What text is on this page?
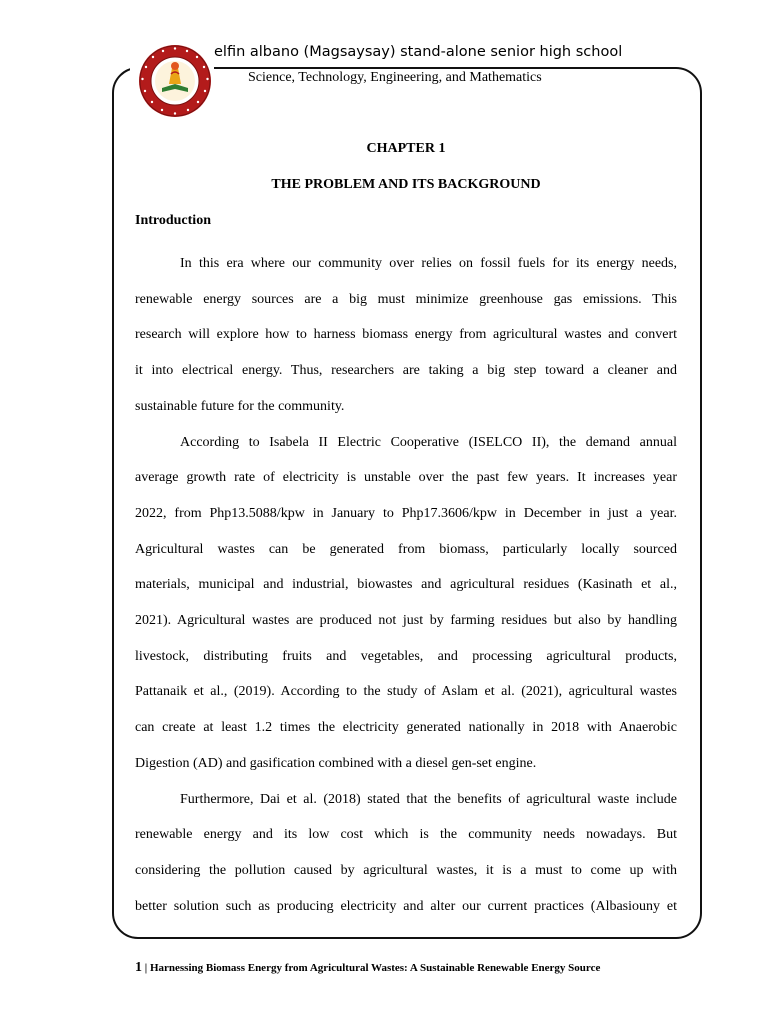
elfin albano (Magsaysay) stand-alone senior high school
Science, Technology, Engineering, and Mathematics

CHAPTER 1

THE PROBLEM AND ITS BACKGROUND

Introduction

In this era where our community over relies on fossil fuels for its energy needs,
renewable energy sources are a big must minimize greenhouse gas emissions. This
research will explore how to harness biomass energy from agricultural wastes and convert
it into electrical energy. Thus, researchers are taking a big step toward a cleaner and
sustainable future for the community.
According to Isabela II Electric Cooperative (ISELCO II), the demand annual
average growth rate of electricity is unstable over the past few years. It increases year
2022, from Php13.5088/kpw in January to Php17.3606/kpw in December in just a year.
Agricultural wastes can be generated from biomass, particularly locally sourced
materials, municipal and industrial, biowastes and agricultural residues (Kasinath et al.,
2021). Agricultural wastes are produced not just by farming residues but also by handling
livestock, distributing fruits and vegetables, and processing agricultural products,
Pattanaik et al., (2019). According to the study of Aslam et al. (2021), agricultural wastes
can create at least 1.2 times the electricity generated nationally in 2018 with Anaerobic
Digestion (AD) and gasification combined with a diesel gen-set engine.
Furthermore, Dai et al. (2018) stated that the benefits of agricultural waste include
renewable energy and its low cost which is the community needs nowadays. But
considering the pollution caused by agricultural wastes, it is a must to come up with
better solution such as producing electricity and alter our current practices (Albasiouny et
1 | Harnessing Biomass Energy from Agricultural Wastes: A Sustainable Renewable Energy Source
